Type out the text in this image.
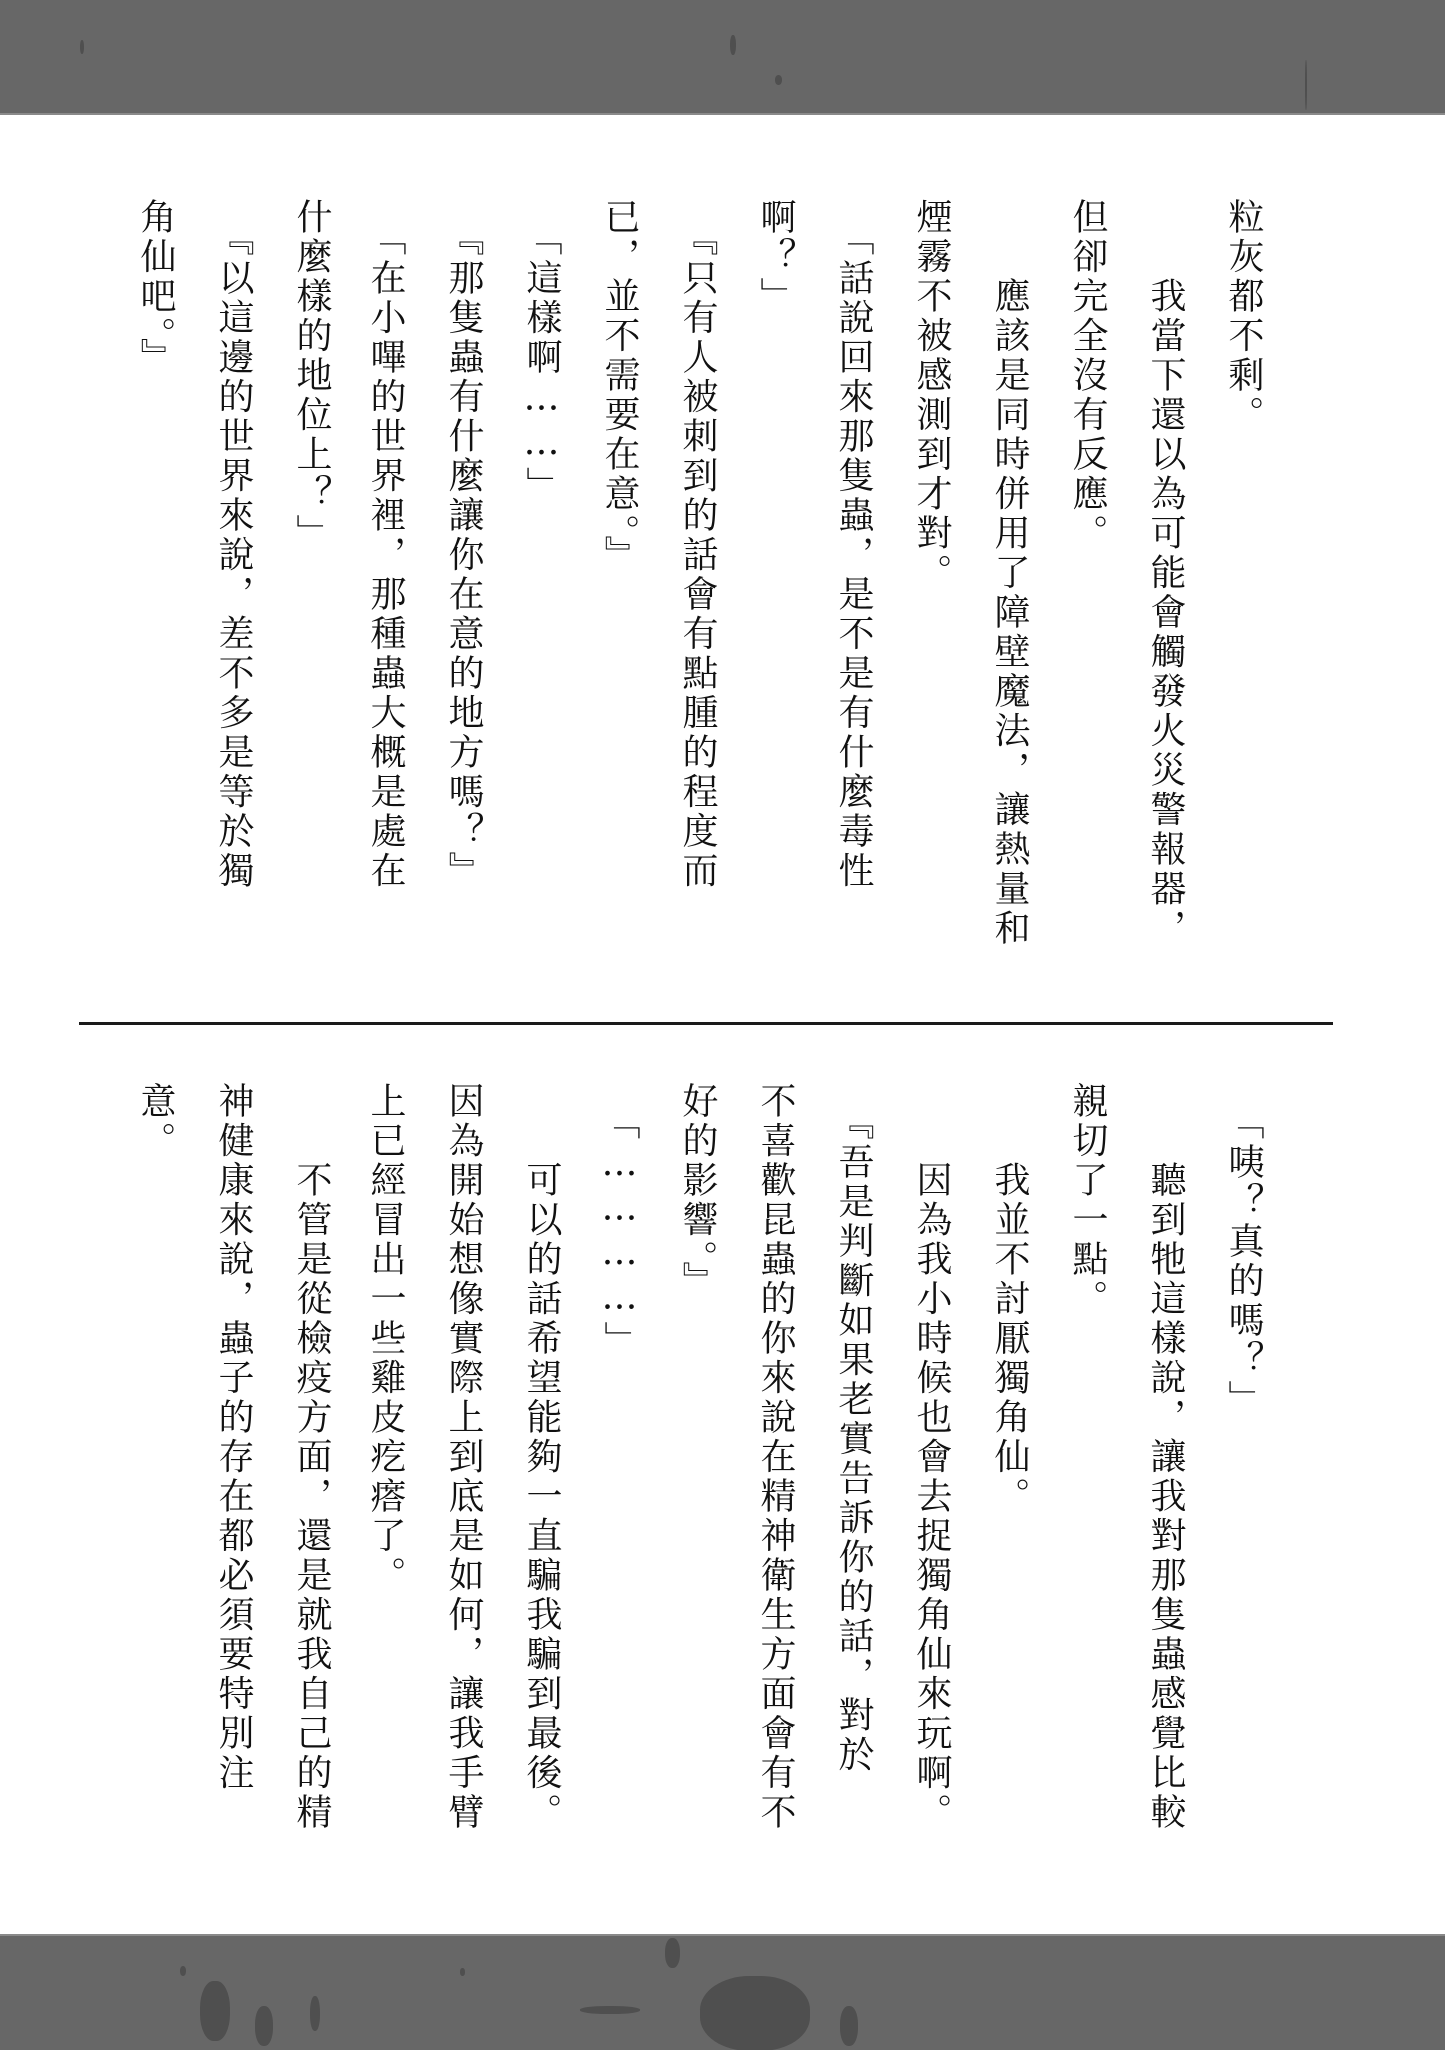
粒灰都不剩。
　　我當下還以為可能會觸發火災警報器，
但卻完全沒有反應。
　　應該是同時併用了障壁魔法，讓熱量和
煙霧不被感測到才對。
　「話說回來那隻蟲，是不是有什麼毒性
啊？」
　『只有人被刺到的話會有點腫的程度而
已，並不需要在意。』
　「這樣啊……」
　『那隻蟲有什麼讓你在意的地方嗎？』
　「在小嗶的世界裡，那種蟲大概是處在
什麼樣的地位上？」
　『以這邊的世界來說，差不多是等於獨
角仙吧。』
　「咦？真的嗎？」
　　聽到牠這樣說，讓我對那隻蟲感覺比較
親切了一點。
　　我並不討厭獨角仙。
　　因為我小時候也會去捉獨角仙來玩啊。
　『吾是判斷如果老實告訴你的話，對於
不喜歡昆蟲的你來說在精神衛生方面會有不
好的影響。』
　「…………」
　　可以的話希望能夠一直騙我騙到最後。
因為開始想像實際上到底是如何，讓我手臂
上已經冒出一些雞皮疙瘩了。
　　不管是從檢疫方面，還是就我自己的精
神健康來說，蟲子的存在都必須要特別注
意。
